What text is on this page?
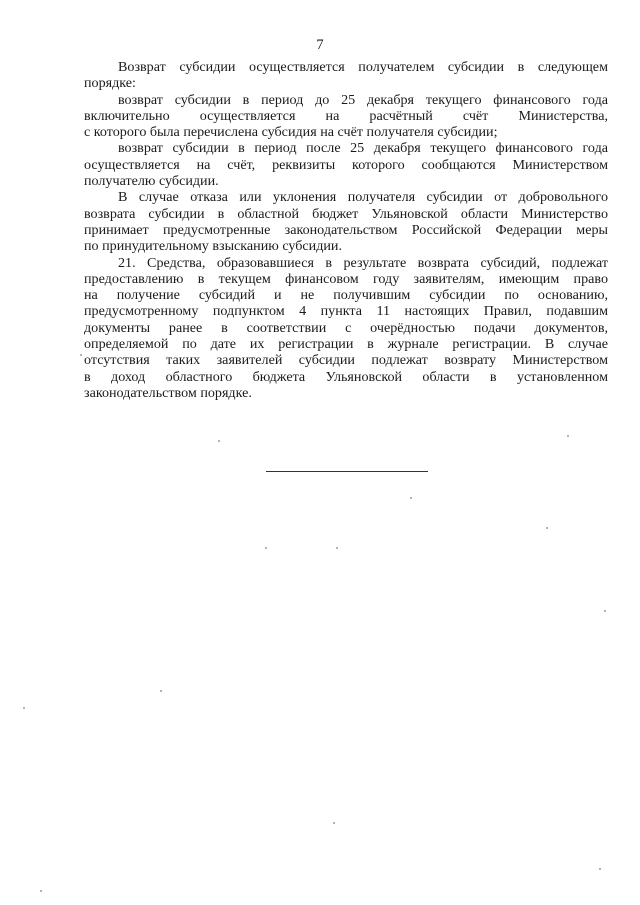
7
Возврат субсидии осуществляется получателем субсидии в следующем
порядке:
возврат субсидии в период до 25 декабря текущего финансового года
включительно осуществляется на расчётный счёт Министерства,
с которого была перечислена субсидия на счёт получателя субсидии;
возврат субсидии в период после 25 декабря текущего финансового года
осуществляется на счёт, реквизиты которого сообщаются Министерством
получателю субсидии.
В случае отказа или уклонения получателя субсидии от добровольного
возврата субсидии в областной бюджет Ульяновской области Министерство
принимает предусмотренные законодательством Российской Федерации меры
по принудительному взысканию субсидии.
21. Средства, образовавшиеся в результате возврата субсидий, подлежат
предоставлению в текущем финансовом году заявителям, имеющим право
на получение субсидий и не получившим субсидии по основанию,
предусмотренному подпунктом 4 пункта 11 настоящих Правил, подавшим
документы ранее в соответствии с очерёдностью подачи документов,
определяемой по дате их регистрации в журнале регистрации. В случае
отсутствия таких заявителей субсидии подлежат возврату Министерством
в доход областного бюджета Ульяновской области в установленном
законодательством порядке.
